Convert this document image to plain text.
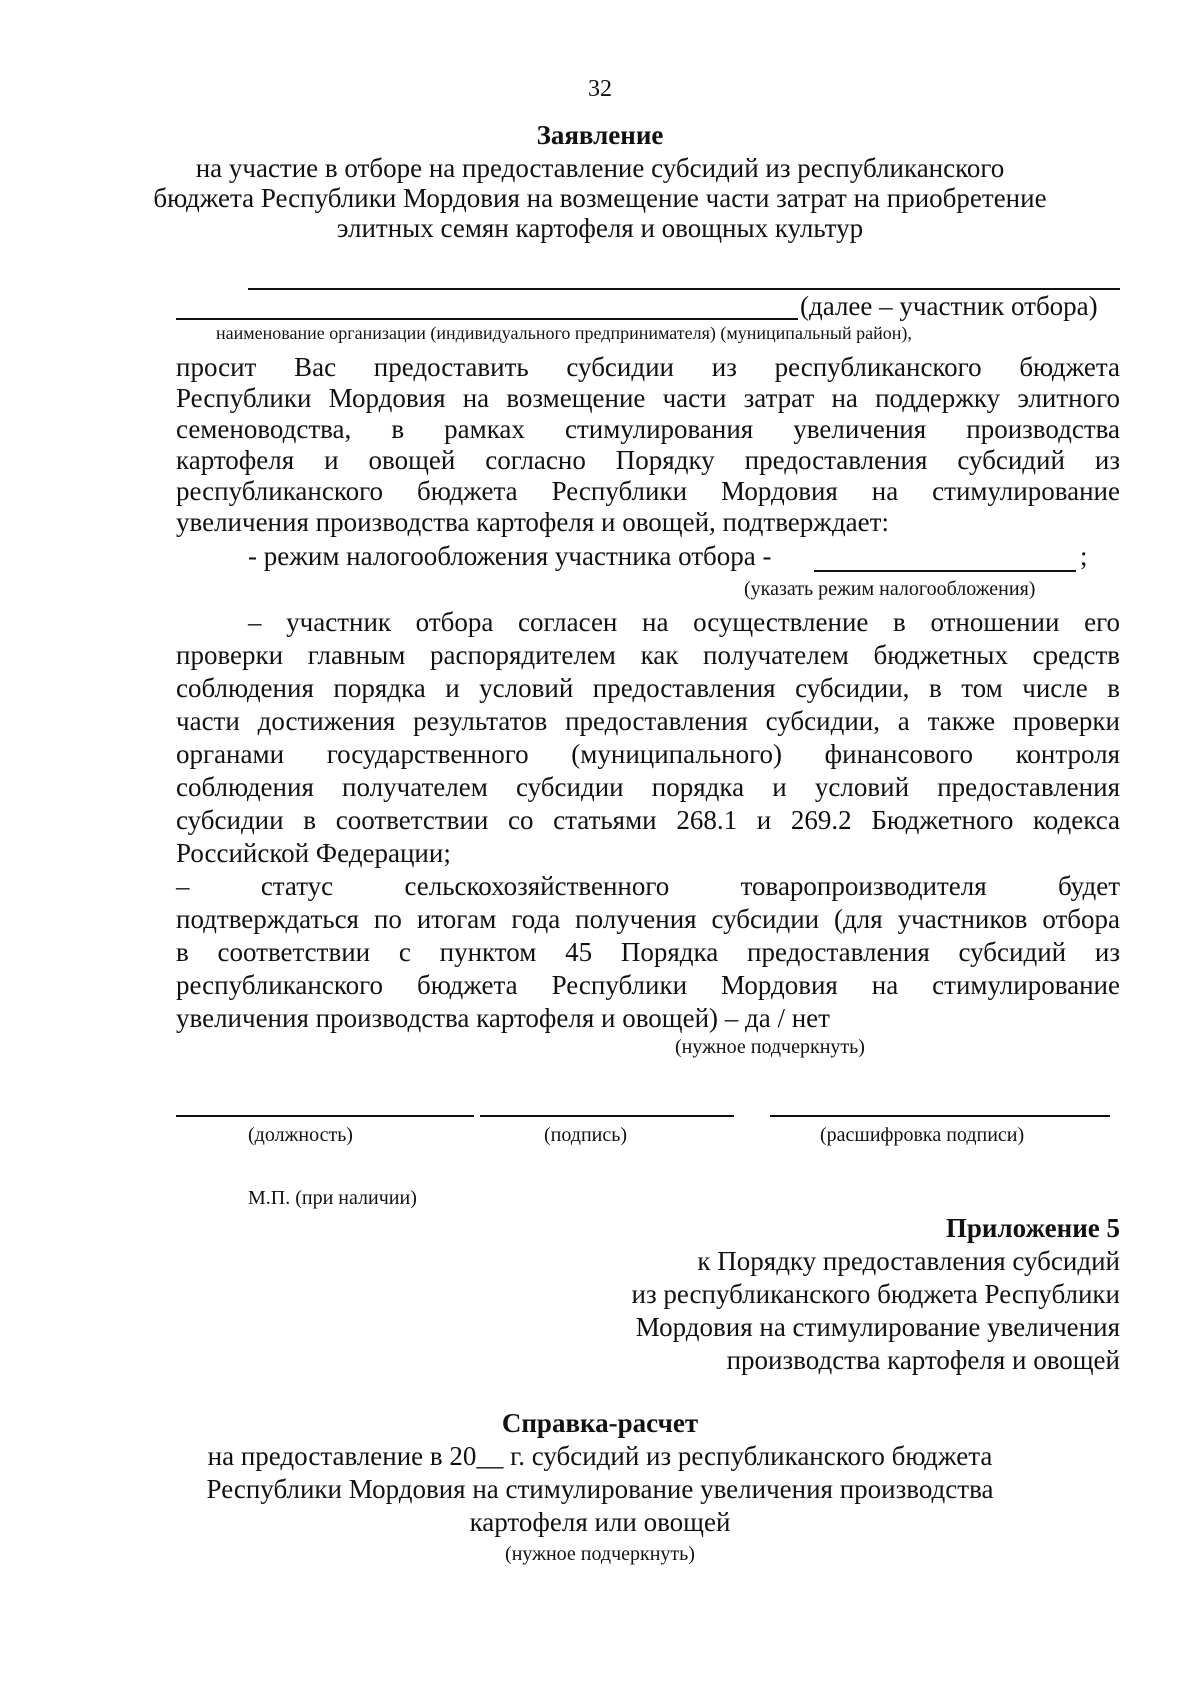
32
Заявление
на участие в отборе на предоставление субсидий из республиканского
бюджета Республики Мордовия на возмещение части затрат на приобретение
элитных семян картофеля и овощных культур
(далее – участник отбора)
наименование организации (индивидуального предпринимателя) (муниципальный район),
просит Вас предоставить субсидии из республиканского бюджета
Республики Мордовия на возмещение части затрат на поддержку элитного
семеноводства, в рамках стимулирования увеличения производства
картофеля и овощей согласно Порядку предоставления субсидий из
республиканского бюджета Республики Мордовия на стимулирование
увеличения производства картофеля и овощей, подтверждает:
- режим налогообложения участника отбора -	;
(указать режим налогообложения)
– участник отбора согласен на осуществление в отношении его
проверки главным распорядителем как получателем бюджетных средств
соблюдения порядка и условий предоставления субсидии, в том числе в
части достижения результатов предоставления субсидии, а также проверки
органами государственного (муниципального) финансового контроля
соблюдения получателем субсидии порядка и условий предоставления
субсидии в соответствии со статьями 268.1 и 269.2 Бюджетного кодекса
Российской Федерации;
– статус сельскохозяйственного товаропроизводителя будет
подтверждаться по итогам года получения субсидии (для участников отбора
в соответствии с пунктом 45 Порядка предоставления субсидий из
республиканского бюджета Республики Мордовия на стимулирование
увеличения производства картофеля и овощей) – да / нет
(нужное подчеркнуть)
(должность)	(подпись)	(расшифровка подписи)
М.П. (при наличии)
Приложение 5
к Порядку предоставления субсидий
из республиканского бюджета Республики
Мордовия на стимулирование увеличения
производства картофеля и овощей
Справка-расчет
на предоставление в 20__ г. субсидий из республиканского бюджета
Республики Мордовия на стимулирование увеличения производства
картофеля или овощей
(нужное подчеркнуть)
